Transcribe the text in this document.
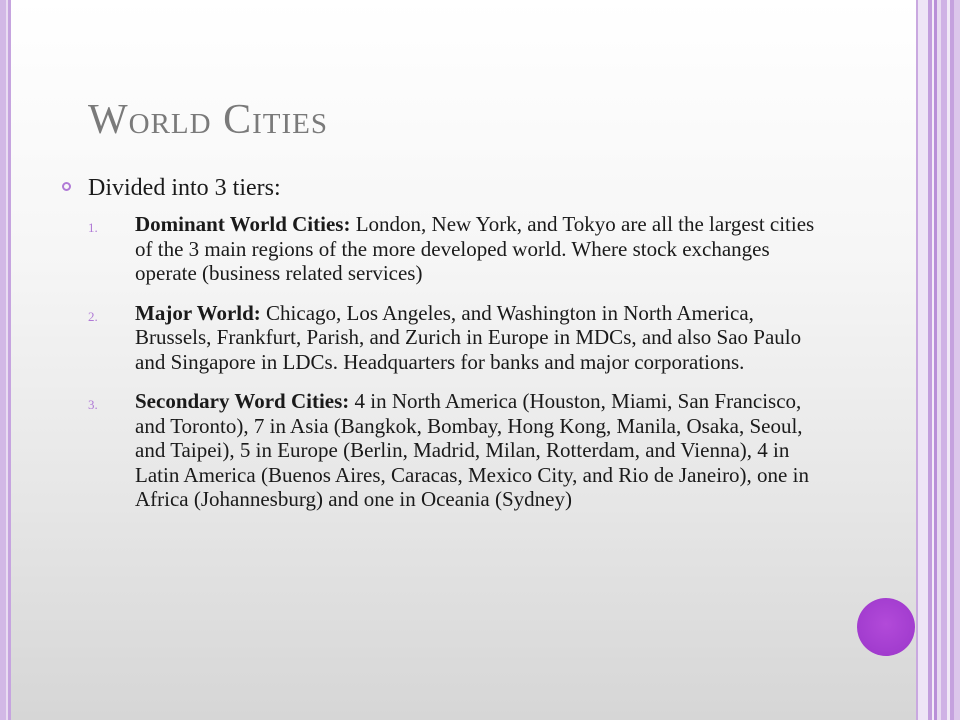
World Cities
Divided into 3 tiers:
1. Dominant World Cities: London, New York, and Tokyo are all the largest cities of the 3 main regions of the more developed world. Where stock exchanges operate (business related services)
2. Major World: Chicago, Los Angeles, and Washington in North America, Brussels, Frankfurt, Parish, and Zurich in Europe in MDCs, and also Sao Paulo and Singapore in LDCs. Headquarters for banks and major corporations.
3. Secondary Word Cities: 4 in North America (Houston, Miami, San Francisco, and Toronto), 7 in Asia (Bangkok, Bombay, Hong Kong, Manila, Osaka, Seoul, and Taipei), 5 in Europe (Berlin, Madrid, Milan, Rotterdam, and Vienna), 4 in Latin America (Buenos Aires, Caracas, Mexico City, and Rio de Janeiro), one in Africa (Johannesburg) and one in Oceania (Sydney)
